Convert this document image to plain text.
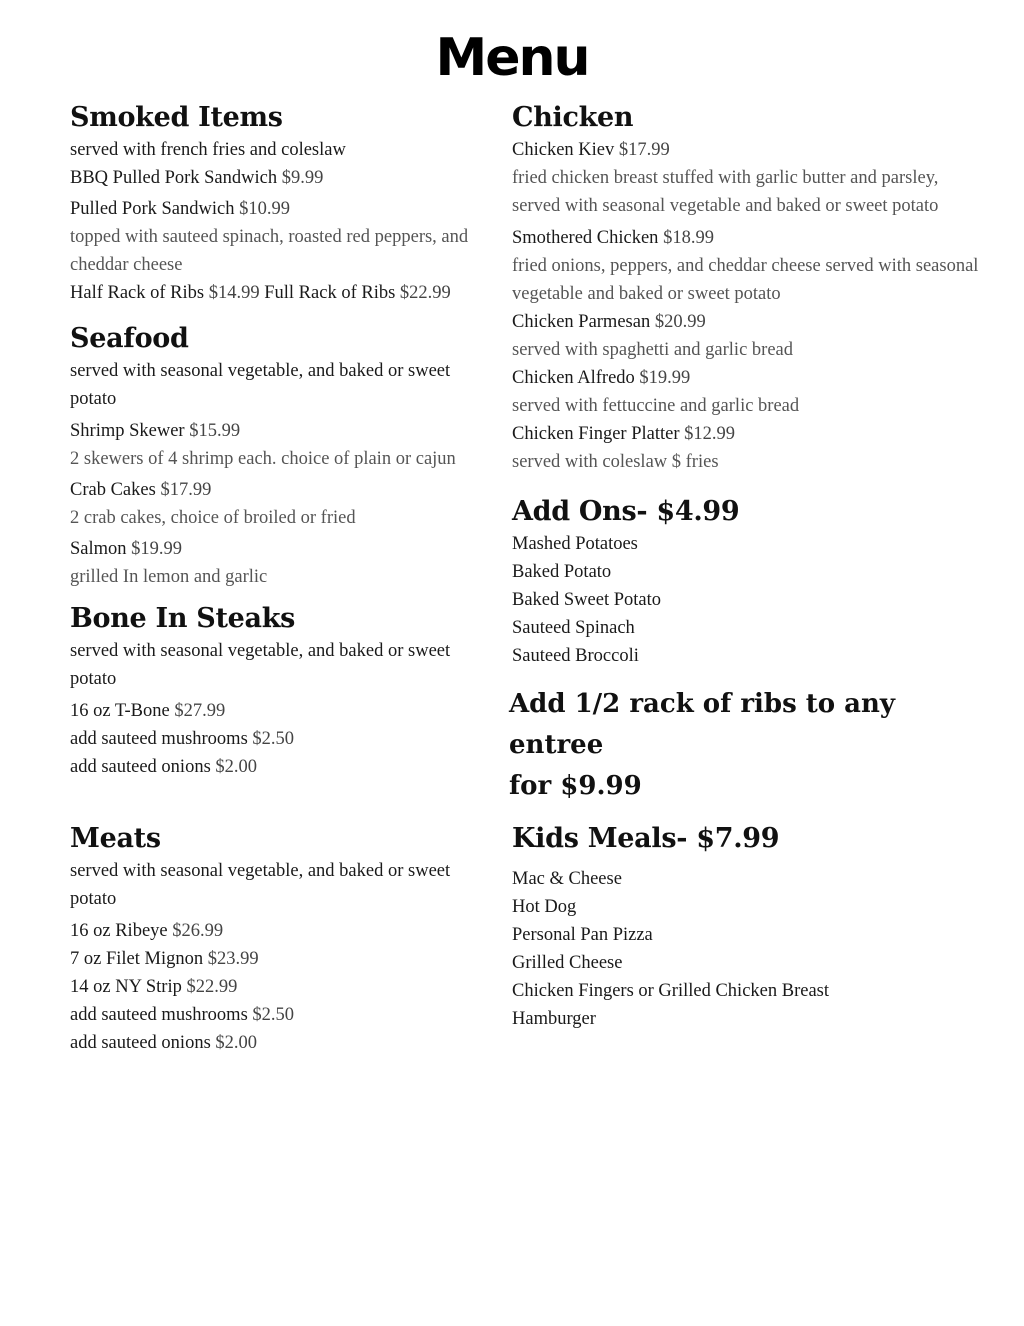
Menu

Smoked Items

served with french fries and coleslaw

BBQ Pulled Pork Sandwich $9.99

Pulled Pork Sandwich $10.99

topped with sauteed spinach, roasted red peppers, and cheddar cheese

Half Rack of Ribs $14.99 Full Rack of Ribs $22.99

Seafood

served with seasonal vegetable, and baked or sweet potato

Shrimp Skewer $15.99

2 skewers of 4 shrimp each. choice of plain or cajun

Crab Cakes $17.99

2 crab cakes, choice of broiled or fried

Salmon $19.99

grilled In lemon and garlic

Bone In Steaks

served with seasonal vegetable, and baked or sweet potato

16 oz T-Bone $27.99

add sauteed mushrooms $2.50

add sauteed onions $2.00

Meats

served with seasonal vegetable, and baked or sweet potato

16 oz Ribeye $26.99

7 oz Filet Mignon $23.99

14 oz NY Strip $22.99

add sauteed mushrooms $2.50

add sauteed onions $2.00

Chicken

Chicken Kiev $17.99

fried chicken breast stuffed with garlic butter and parsley, served with seasonal vegetable and baked or sweet potato

Smothered Chicken $18.99

fried onions, peppers, and cheddar cheese served with seasonal vegetable and baked or sweet potato

Chicken Parmesan $20.99

served with spaghetti and garlic bread

Chicken Alfredo $19.99

served with fettuccine and garlic bread

Chicken Finger Platter $12.99

served with coleslaw $ fries

Add Ons- $4.99

Mashed Potatoes

Baked Potato

Baked Sweet Potato

Sauteed Spinach

Sauteed Broccoli

Add 1/2 rack of ribs to any entree

for $9.99

Kids Meals- $7.99

Mac & Cheese

Hot Dog

Personal Pan Pizza

Grilled Cheese

Chicken Fingers or Grilled Chicken Breast

Hamburger
